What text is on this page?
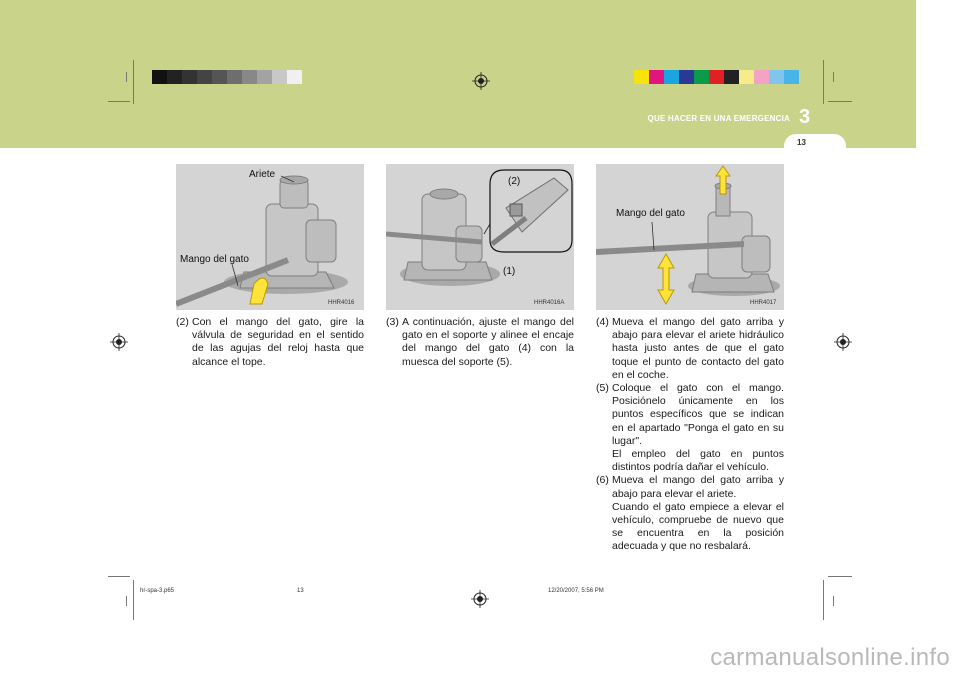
QUE HACER EN UNA EMERGENCIA 3
13
Ariete
Mango del gato
HHR4016
(2)
(1)
HHR4016A
Mango del gato
HHR4017
(2) Con el mango del gato, gire la válvula de seguridad en el sentido de las agujas del reloj hasta que alcance el tope.

(3) A continuación, ajuste el mango del gato en el soporte y alinee el encaje del mango del gato (4) con la muesca del soporte (5).

(4) Mueva el mango del gato arriba y abajo para elevar el ariete hidráulico hasta justo antes de que el gato toque el punto de contacto del gato en el coche.

(5) Coloque el gato con el mango. Posiciónelo únicamente en los puntos específicos que se indican en el apartado "Ponga el gato en su lugar".

El empleo del gato en puntos distintos podría dañar el vehículo.

(6) Mueva el mango del gato arriba y abajo para elevar el ariete.

Cuando el gato empiece a elevar el vehículo, compruebe de nuevo que se encuentra en la posición adecuada y que no resbalará.

hr-spa-3.p65	13	12/20/2007, 5:56 PM
carmanualsonline.info
